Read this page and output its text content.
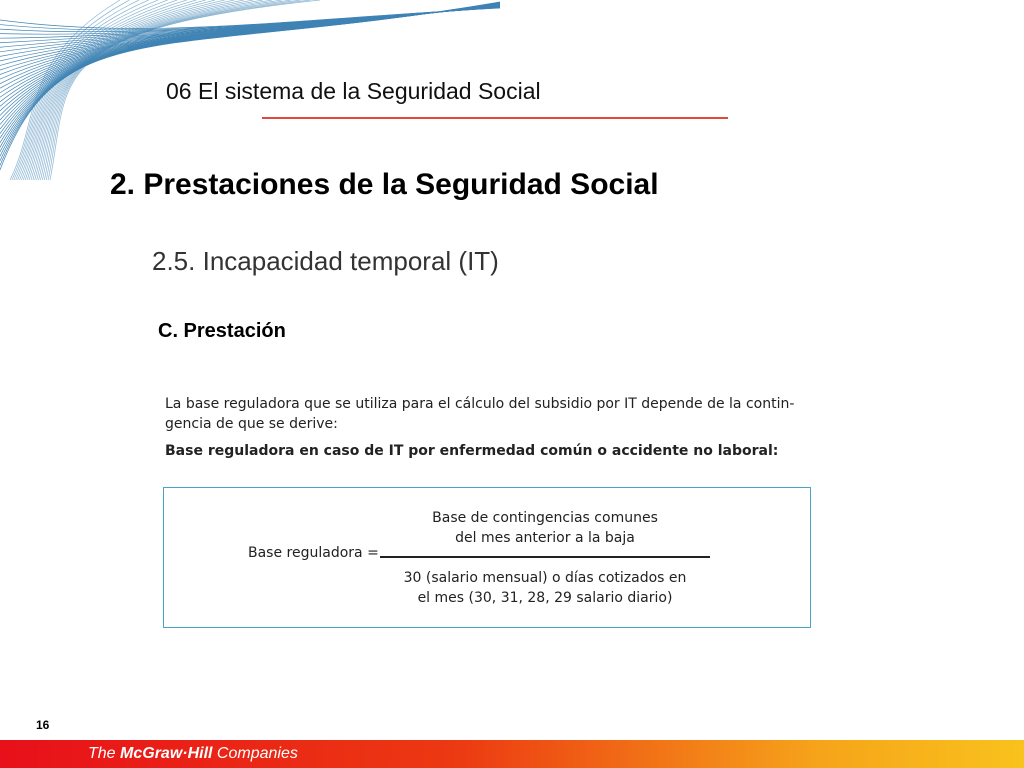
06 El sistema de la Seguridad Social
2. Prestaciones de la Seguridad Social
2.5. Incapacidad temporal (IT)
C. Prestación
La base reguladora que se utiliza para el cálculo del subsidio por IT depende de la contin- gencia de que se derive:
Base reguladora en caso de IT por enfermedad común o accidente no laboral:
Base reguladora =
Base de contingencias comunes
del mes anterior a la baja
30 (salario mensual) o días cotizados en
el mes (30, 31, 28, 29 salario diario)
16
The McGraw·Hill Companies
